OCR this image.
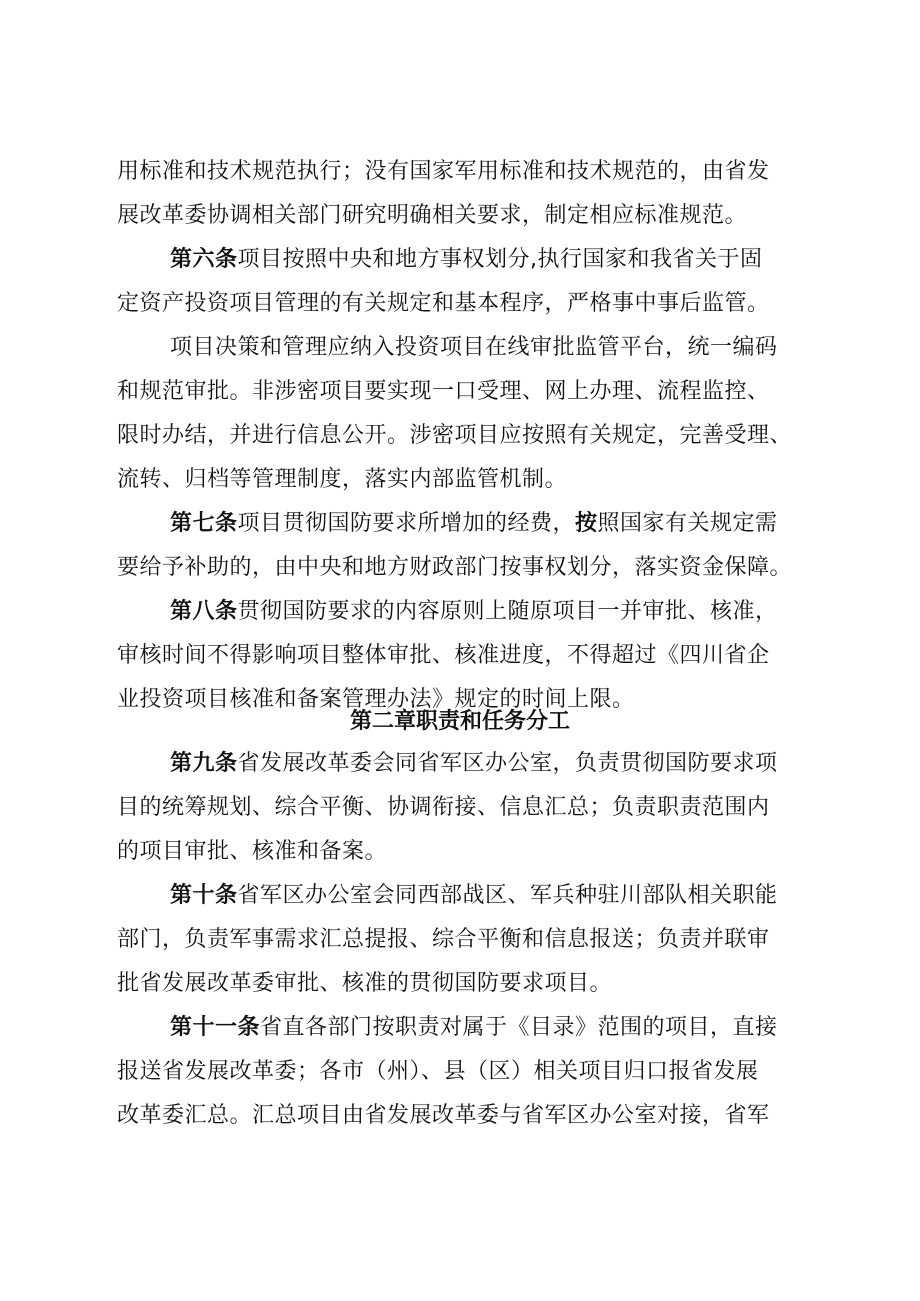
用标准和技术规范执行；没有国家军用标准和技术规范的，由省发
展改革委协调相关部门研究明确相关要求，制定相应标准规范。
第六条项目按照中央和地方事权划分,执行国家和我省关于固
定资产投资项目管理的有关规定和基本程序，严格事中事后监管。
项目决策和管理应纳入投资项目在线审批监管平台，统一编码
和规范审批。非涉密项目要实现一口受理、网上办理、流程监控、
限时办结，并进行信息公开。涉密项目应按照有关规定，完善受理、
流转、归档等管理制度，落实内部监管机制。
第七条项目贯彻国防要求所增加的经费，按照国家有关规定需
要给予补助的，由中央和地方财政部门按事权划分，落实资金保障。
第八条贯彻国防要求的内容原则上随原项目一并审批、核准，
审核时间不得影响项目整体审批、核准进度，不得超过《四川省企
业投资项目核准和备案管理办法》规定的时间上限。
第二章职责和任务分工
第九条省发展改革委会同省军区办公室，负责贯彻国防要求项
目的统筹规划、综合平衡、协调衔接、信息汇总；负责职责范围内
的项目审批、核准和备案。
第十条省军区办公室会同西部战区、军兵种驻川部队相关职能
部门，负责军事需求汇总提报、综合平衡和信息报送；负责并联审
批省发展改革委审批、核准的贯彻国防要求项目。
第十一条省直各部门按职责对属于《目录》范围的项目，直接
报送省发展改革委；各市（州）、县（区）相关项目归口报省发展
改革委汇总。汇总项目由省发展改革委与省军区办公室对接，省军
